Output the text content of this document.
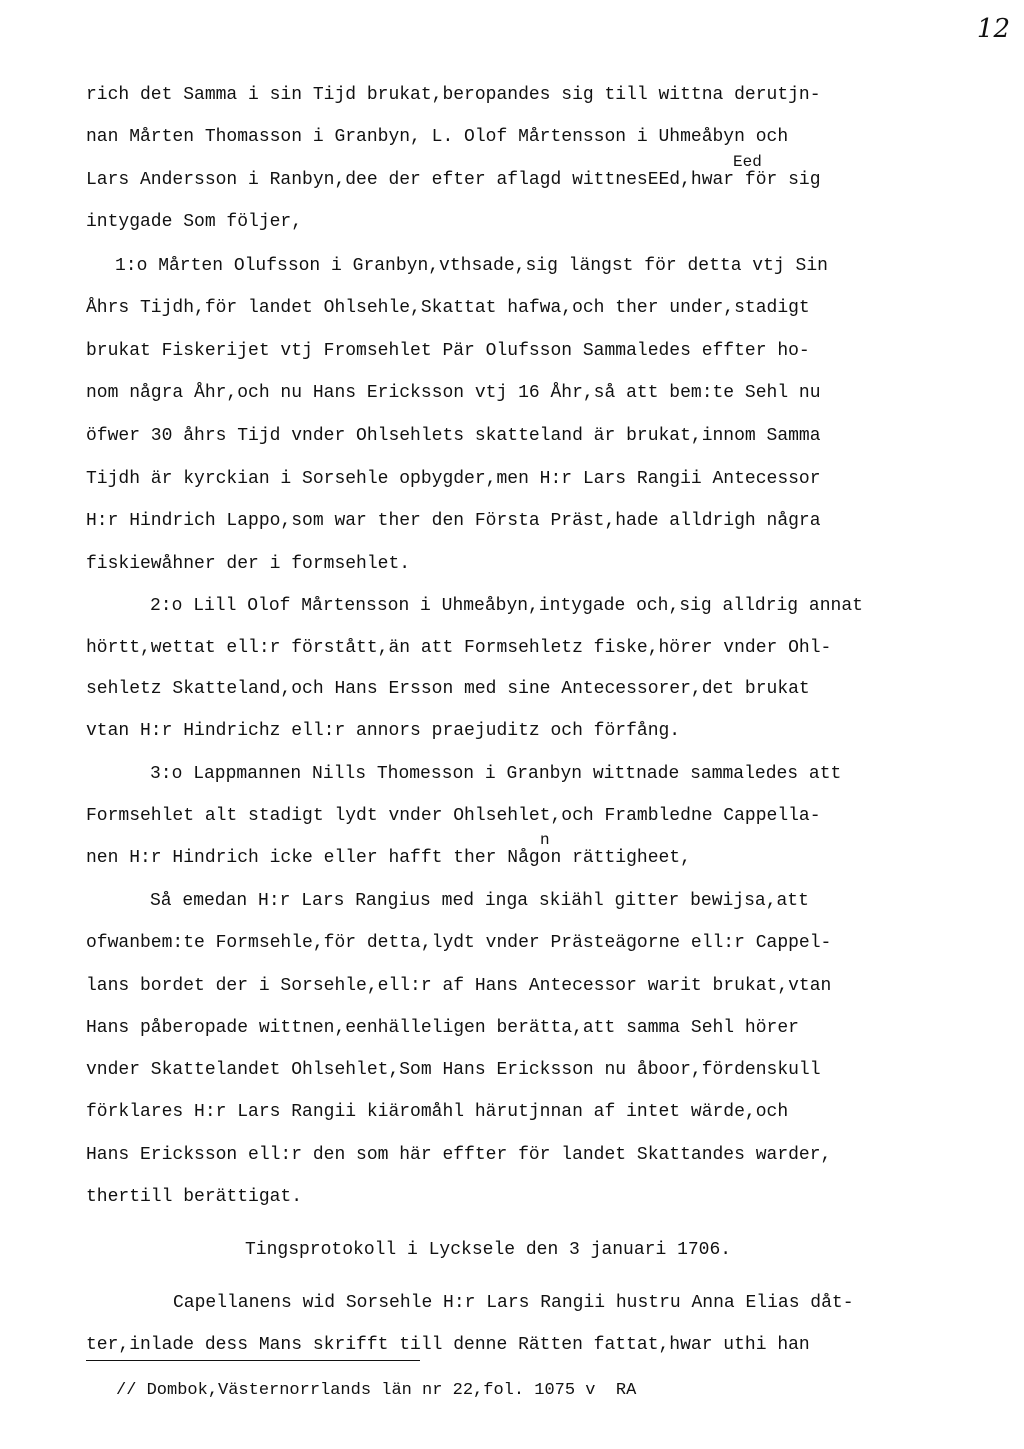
12
rich det Samma i sin Tijd brukat,beropandes sig till wittna derutjn-
nan Mårten Thomasson i Granbyn, L. Olof Mårtensson i Uhmeåbyn och
Eed
Lars Andersson i Ranbyn,dee der efter aflagd wittnesEEd,hwar för sig
intygade Som följer,
1:o Mårten Olufsson i Granbyn,vthsade,sig längst för detta vtj Sin
Åhrs Tijdh,för landet Ohlsehle,Skattat hafwa,och ther under,stadigt
brukat Fiskerijet vtj Fromsehlet Pär Olufsson Sammaledes effter ho-
nom några Åhr,och nu Hans Ericksson vtj 16 Åhr,så att bem:te Sehl nu
öfwer 30 åhrs Tijd vnder Ohlsehlets skatteland är brukat,innom Samma
Tijdh är kyrckian i Sorsehle opbygder,men H:r Lars Rangii Antecessor
H:r Hindrich Lappo,som war ther den Första Präst,hade alldrigh några
fiskiewåhner der i formsehlet.
2:o Lill Olof Mårtensson i Uhmeåbyn,intygade och,sig alldrig annat
hörtt,wettat ell:r förstått,än att Formsehletz fiske,hörer vnder Ohl-
sehletz Skatteland,och Hans Ersson med sine Antecessorer,det brukat
vtan H:r Hindrichz ell:r annors praejuditz och förfång.
3:o Lappmannen Nills Thomesson i Granbyn wittnade sammaledes att
Formsehlet alt stadigt lydt vnder Ohlsehlet,och Frambledne Cappella-
n
nen H:r Hindrich icke eller hafft ther Någon rättigheet,
Så emedan H:r Lars Rangius med inga skiähl gitter bewijsa,att
ofwanbem:te Formsehle,för detta,lydt vnder Prästeägorne ell:r Cappel-
lans bordet der i Sorsehle,ell:r af Hans Antecessor warit brukat,vtan
Hans påberopade wittnen,eenhälleligen berätta,att samma Sehl hörer
vnder Skattelandet Ohlsehlet,Som Hans Ericksson nu åboor,fördenskull
förklares H:r Lars Rangii kiäromåhl härutjnnan af intet wärde,och
Hans Ericksson ell:r den som här effter för landet Skattandes warder,
thertill berättigat.
Tingsprotokoll i Lycksele den 3 januari 1706.
Capellanens wid Sorsehle H:r Lars Rangii hustru Anna Elias dåt-
ter,inlade dess Mans skrifft till denne Rätten fattat,hwar uthi han
// Dombok,Västernorrlands län nr 22,fol. 1075 v  RA
